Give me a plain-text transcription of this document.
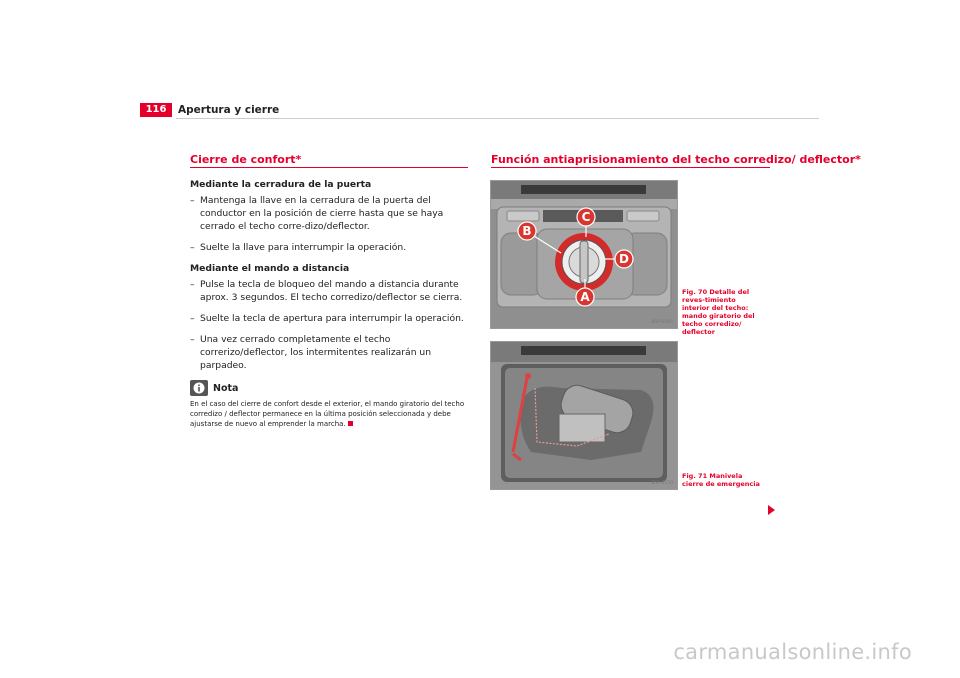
116	Apertura y cierre
Cierre de confort*
Mediante la cerradura de la puerta
– Mantenga la llave en la cerradura de la puerta del conductor en la posición de cierre hasta que se haya cerrado el techo corre-dizo/deflector.
– Suelte la llave para interrumpir la operación.
Mediante el mando a distancia
– Pulse la tecla de bloqueo del mando a distancia durante aprox. 3 segundos. El techo corredizo/deflector se cierra.
– Suelte la tecla de apertura para interrumpir la operación.
– Una vez cerrado completamente el techo correrizo/deflector, los intermitentes realizarán un parpadeo.
Nota
En el caso del cierre de confort desde el exterior, el mando giratorio del techo corredizo / deflector permanece en la última posición seleccionada y debe ajustarse de nuevo al emprender la marcha.
Función antiaprisionamiento del techo corredizo/ deflector*
B
C
D
A
B5P-0085
Fig. 70 Detalle del reves-timiento interior del techo: mando giratorio del techo corredizo/ deflector
B5P-0150
Fig. 71 Manivela cierre de emergencia
carmanualsonline.info
